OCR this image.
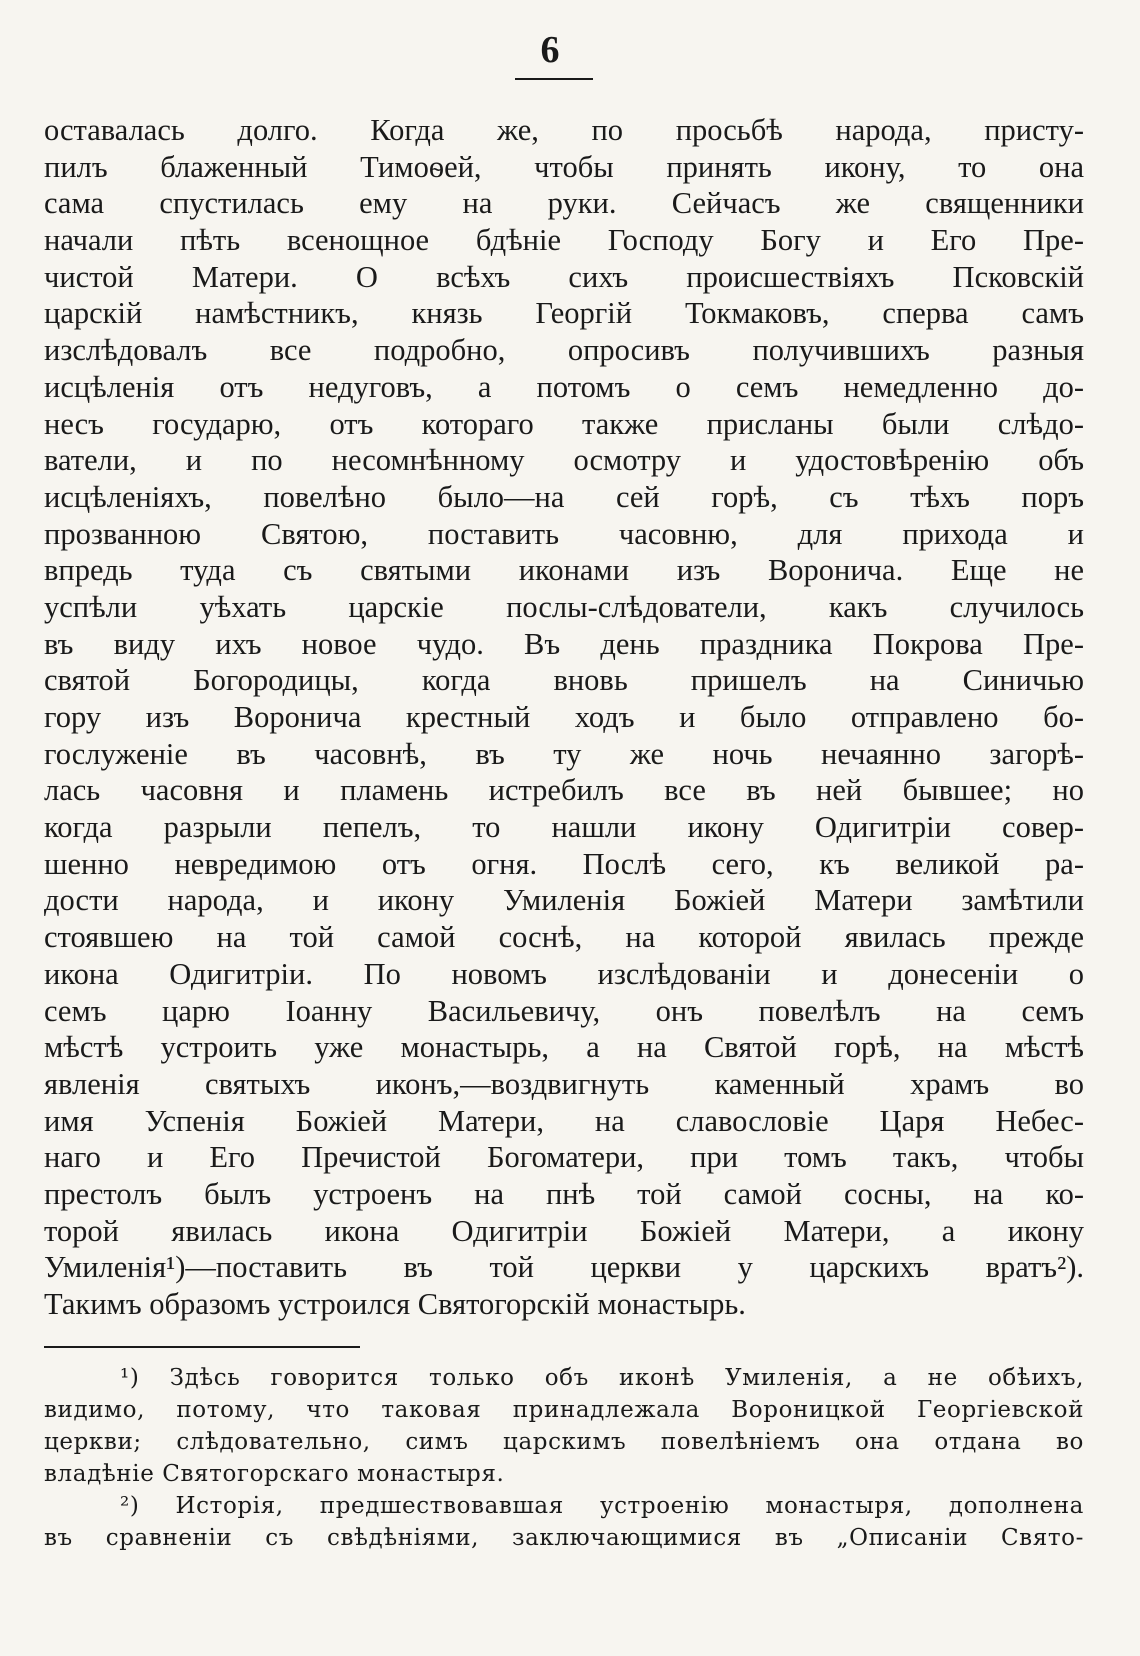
6
оставалась долго. Когда же, по просьбѣ народа, присту-
пилъ блаженный Тимоѳей, чтобы принять икону, то она
сама спустилась ему на руки. Сейчасъ же священники
начали пѣть всенощное бдѣніе Господу Богу и Его Пре-
чистой Матери. О всѣхъ сихъ происшествіяхъ Псковскій
царскій намѣстникъ, князь Георгій Токмаковъ, сперва самъ
изслѣдовалъ все подробно, опросивъ получившихъ разныя
исцѣленія отъ недуговъ, а потомъ о семъ немедленно до-
несъ государю, отъ котораго также присланы были слѣдо-
ватели, и по несомнѣнному осмотру и удостовѣренію объ
исцѣленіяхъ, повелѣно было—на сей горѣ, съ тѣхъ поръ
прозванною Святою, поставить часовню, для прихода и
впредь туда съ святыми иконами изъ Воронича. Еще не
успѣли уѣхать царскіе послы-слѣдователи, какъ случилось
въ виду ихъ новое чудо. Въ день праздника Покрова Пре-
святой Богородицы, когда вновь пришелъ на Синичью
гору изъ Воронича крестный ходъ и было отправлено бо-
гослуженіе въ часовнѣ, въ ту же ночь нечаянно загорѣ-
лась часовня и пламень истребилъ все въ ней бывшее; но
когда разрыли пепелъ, то нашли икону Одигитріи совер-
шенно невредимою отъ огня. Послѣ сего, къ великой ра-
дости народа, и икону Умиленія Божіей Матери замѣтили
стоявшею на той самой соснѣ, на которой явилась прежде
икона Одигитріи. По новомъ изслѣдованіи и донесеніи о
семъ царю Іоанну Васильевичу, онъ повелѣлъ на семъ
мѣстѣ устроить уже монастырь, а на Святой горѣ, на мѣстѣ
явленія святыхъ иконъ,—воздвигнуть каменный храмъ во
имя Успенія Божіей Матери, на славословіе Царя Небес-
наго и Его Пречистой Богоматери, при томъ такъ, чтобы
престолъ былъ устроенъ на пнѣ той самой сосны, на ко-
торой явилась икона Одигитріи Божіей Матери, а икону
Умиленія¹)—поставить въ той церкви у царскихъ вратъ²).
Такимъ образомъ устроился Святогорскій монастырь.
¹) Здѣсь говорится только объ иконѣ Умиленія, а не обѣихъ,
видимо, потому, что таковая принадлежала Вороницкой Георгіевской
церкви; слѣдовательно, симъ царскимъ повелѣніемъ она отдана во
владѣніе Святогорскаго монастыря.
²) Исторія, предшествовавшая устроенію монастыря, дополнена
въ сравненіи съ свѣдѣніями, заключающимися въ „Описаніи Свято-
